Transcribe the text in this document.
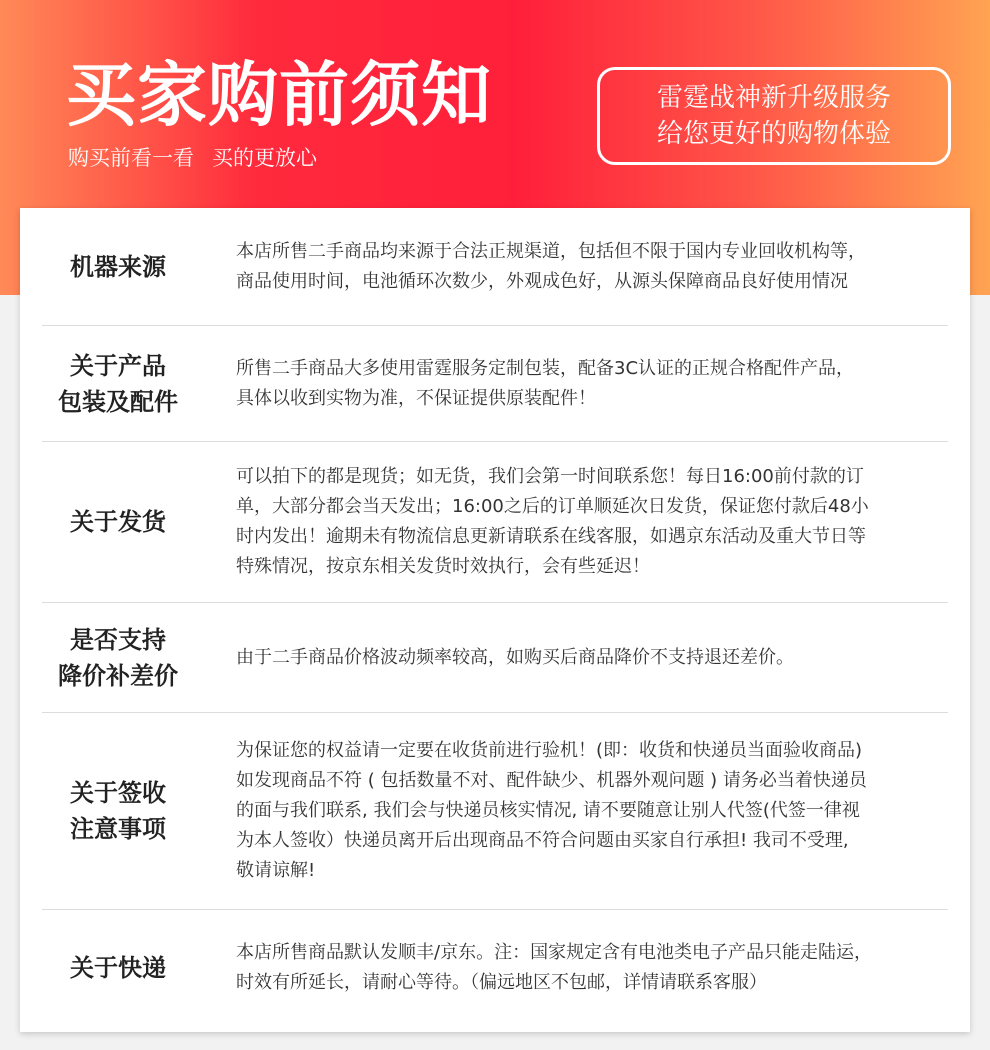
买家购前须知
购买前看一看 买的更放心
雷霆战神新升级服务
给您更好的购物体验
机器来源
本店所售二手商品均来源于合法正规渠道，包括但不限于国内专业回收机构等，
商品使用时间，电池循环次数少，外观成色好，从源头保障商品良好使用情况
关于产品
包装及配件
所售二手商品大多使用雷霆服务定制包装，配备3C认证的正规合格配件产品，
具体以收到实物为准，不保证提供原装配件！
关于发货
可以拍下的都是现货；如无货，我们会第一时间联系您！每日16:00前付款的订
单，大部分都会当天发出；16:00之后的订单顺延次日发货，保证您付款后48小
时内发出！逾期未有物流信息更新请联系在线客服，如遇京东活动及重大节日等
特殊情况，按京东相关发货时效执行，会有些延迟！
是否支持
降价补差价
由于二手商品价格波动频率较高，如购买后商品降价不支持退还差价。
关于签收
注意事项
为保证您的权益请一定要在收货前进行验机！(即：收货和快递员当面验收商品)
如发现商品不符 ( 包括数量不对、配件缺少、机器外观问题 ) 请务必当着快递员
的面与我们联系, 我们会与快递员核实情况, 请不要随意让别人代签(代签一律视
为本人签收）快递员离开后出现商品不符合问题由买家自行承担! 我司不受理,
敬请谅解!
关于快递
本店所售商品默认发顺丰/京东。注：国家规定含有电池类电子产品只能走陆运，
时效有所延长，请耐心等待。（偏远地区不包邮，详情请联系客服）
